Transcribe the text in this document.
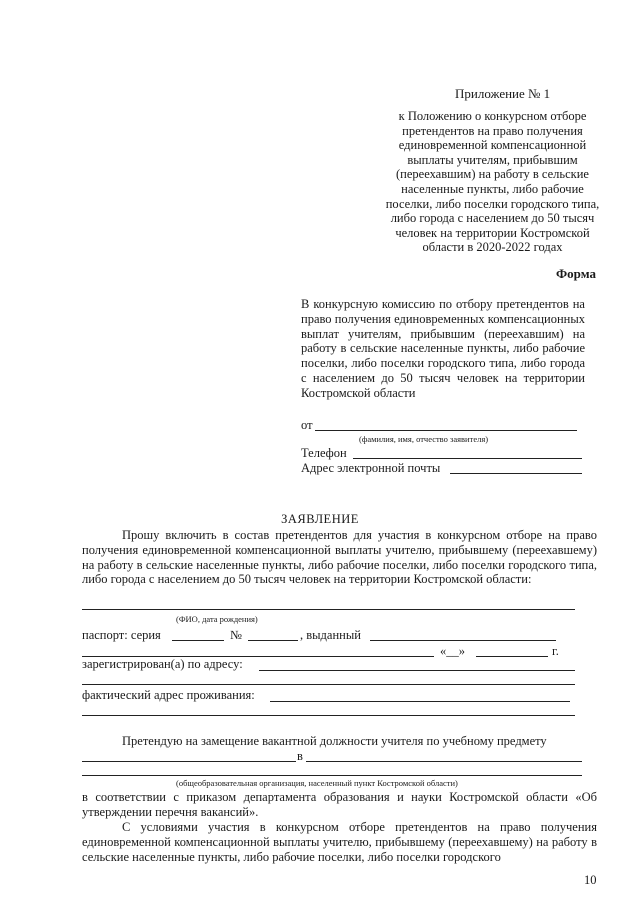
Приложение № 1
к Положению о конкурсном отборе претендентов на право получения единовременной компенсационной выплаты учителям, прибывшим (переехавшим) на работу в сельские населенные пункты, либо рабочие поселки, либо поселки городского типа, либо города с населением до 50 тысяч человек на территории Костромской области в 2020-2022 годах
Форма
В конкурсную комиссию по отбору претендентов на право получения единовременных компенсационных выплат учителям, прибывшим (переехавшим) на работу в сельские населенные пункты, либо рабочие поселки, либо поселки городского типа, либо города с населением до 50 тысяч человек на территории Костромской области
от
(фамилия, имя, отчество заявителя)
Телефон
Адрес электронной почты
ЗАЯВЛЕНИЕ

Прошу включить в состав претендентов для участия в конкурсном отборе на право получения единовременной компенсационной выплаты учителю, прибывшему (переехавшему) на работу в сельские населенные пункты, либо рабочие поселки, либо поселки городского типа, либо города с населением до 50 тысяч человек на территории Костромской области:

(ФИО, дата рождения)
паспорт: серия	№	, выданный
«__»	г.
зарегистрирован(а) по адресу:
фактический адрес проживания:
Претендую на замещение вакантной должности учителя по учебному предмету
в
(общеобразовательная организация, населенный пункт Костромской области)

в соответствии с приказом департамента образования и науки Костромской области «Об утверждении перечня вакансий».

С условиями участия в конкурсном отборе претендентов на право получения единовременной компенсационной выплаты учителю, прибывшему (переехавшему) на работу в сельские населенные пункты, либо рабочие поселки, либо поселки городского

10
